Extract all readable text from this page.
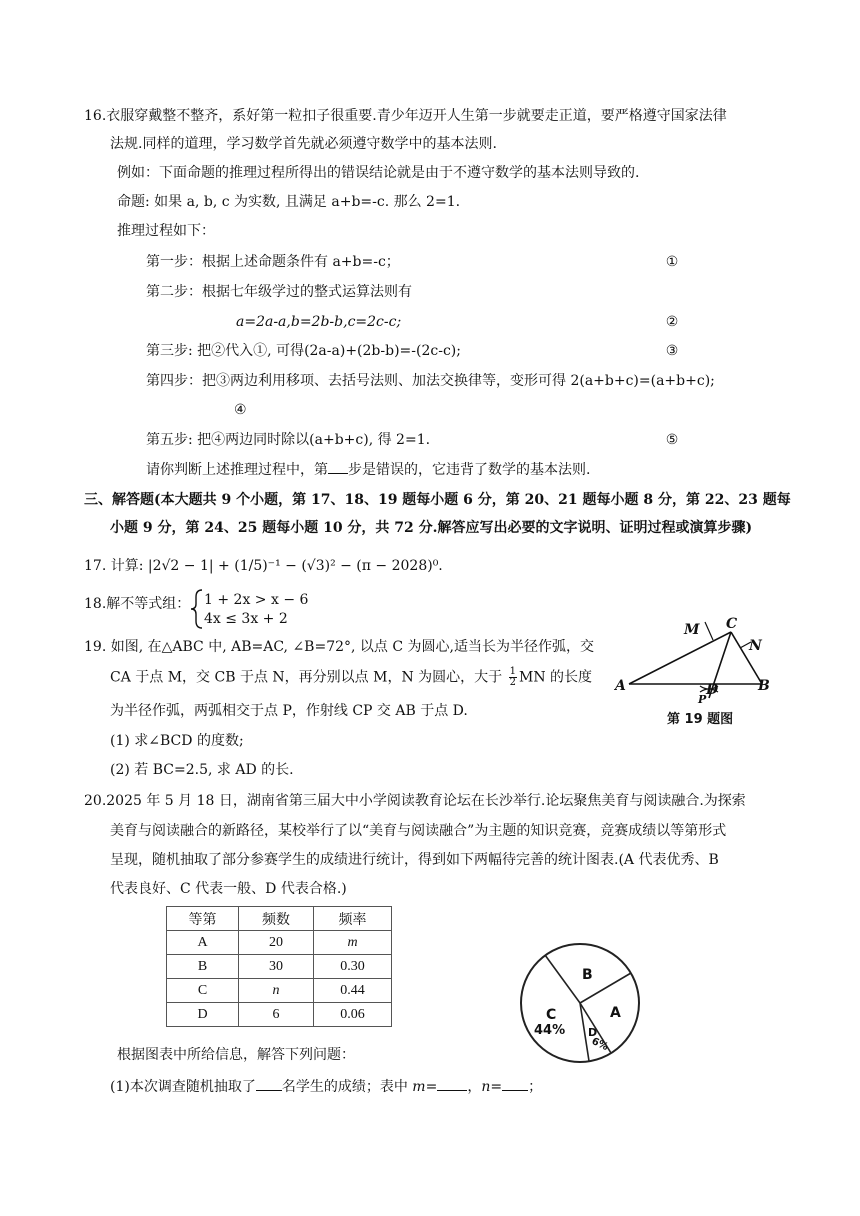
16.衣服穿戴整不整齐，系好第一粒扣子很重要.青少年迈开人生第一步就要走正道，要严格遵守国家法律
法规.同样的道理，学习数学首先就必须遵守数学中的基本法则.
例如：下面命题的推理过程所得出的错误结论就是由于不遵守数学的基本法则导致的.
命题: 如果 a, b, c 为实数, 且满足 a+b=-c. 那么 2=1.
推理过程如下：
第一步：根据上述命题条件有 a+b=-c；	①
第二步：根据七年级学过的整式运算法则有
a=2a-a,b=2b-b,c=2c-c;	②
第三步: 把②代入①, 可得(2a-a)+(2b-b)=-(2c-c);	③
第四步：把③两边利用移项、去括号法则、加法交换律等，变形可得 2(a+b+c)=(a+b+c);
④
第五步: 把④两边同时除以(a+b+c), 得 2=1.	⑤
请你判断上述推理过程中，第 步是错误的，它违背了数学的基本法则.
三、解答题(本大题共 9 个小题，第 17、18、19 题每小题 6 分，第 20、21 题每小题 8 分，第 22、23 题每
小题 9 分，第 24、25 题每小题 10 分，共 72 分.解答应写出必要的文字说明、证明过程或演算步骤)
17. 计算: |2√2 − 1| + (1/5)⁻¹ − (√3)² − (π − 2028)⁰.
18.解不等式组： 1 + 2x > x − 6
4x ≤ 3x + 2
19. 如图, 在△ABC 中, AB=AC, ∠B=72°, 以点 C 为圆心,适当长为半径作弧，交
CA 于点 M，交 CB 于点 N，再分别以点 M，N 为圆心，大于 $\frac{1}{2}$ MN 的长度
为半径作弧，两弧相交于点 P，作射线 CP 交 AB 于点 D.
(1) 求∠BCD 的度数;
(2) 若 BC=2.5, 求 AD 的长.
C
M
N
A	D	B
P
第 19 题图
20.2025 年 5 月 18 日，湖南省第三届大中小学阅读教育论坛在长沙举行.论坛聚焦美育与阅读融合.为探索
美育与阅读融合的新路径，某校举行了以“美育与阅读融合”为主题的知识竞赛，竞赛成绩以等第形式
呈现，随机抽取了部分参赛学生的成绩进行统计，得到如下两幅待完善的统计图表.(A 代表优秀、B
代表良好、C 代表一般、D 代表合格.)
等第	频数	频率
A	20	m
B	30	0.30
C	n	0.44
D	6	0.06
B
A
C
44% D
6%
根据图表中所给信息，解答下列问题：
(1)本次调查随机抽取了 名学生的成绩；表中 m= ，n= ；
